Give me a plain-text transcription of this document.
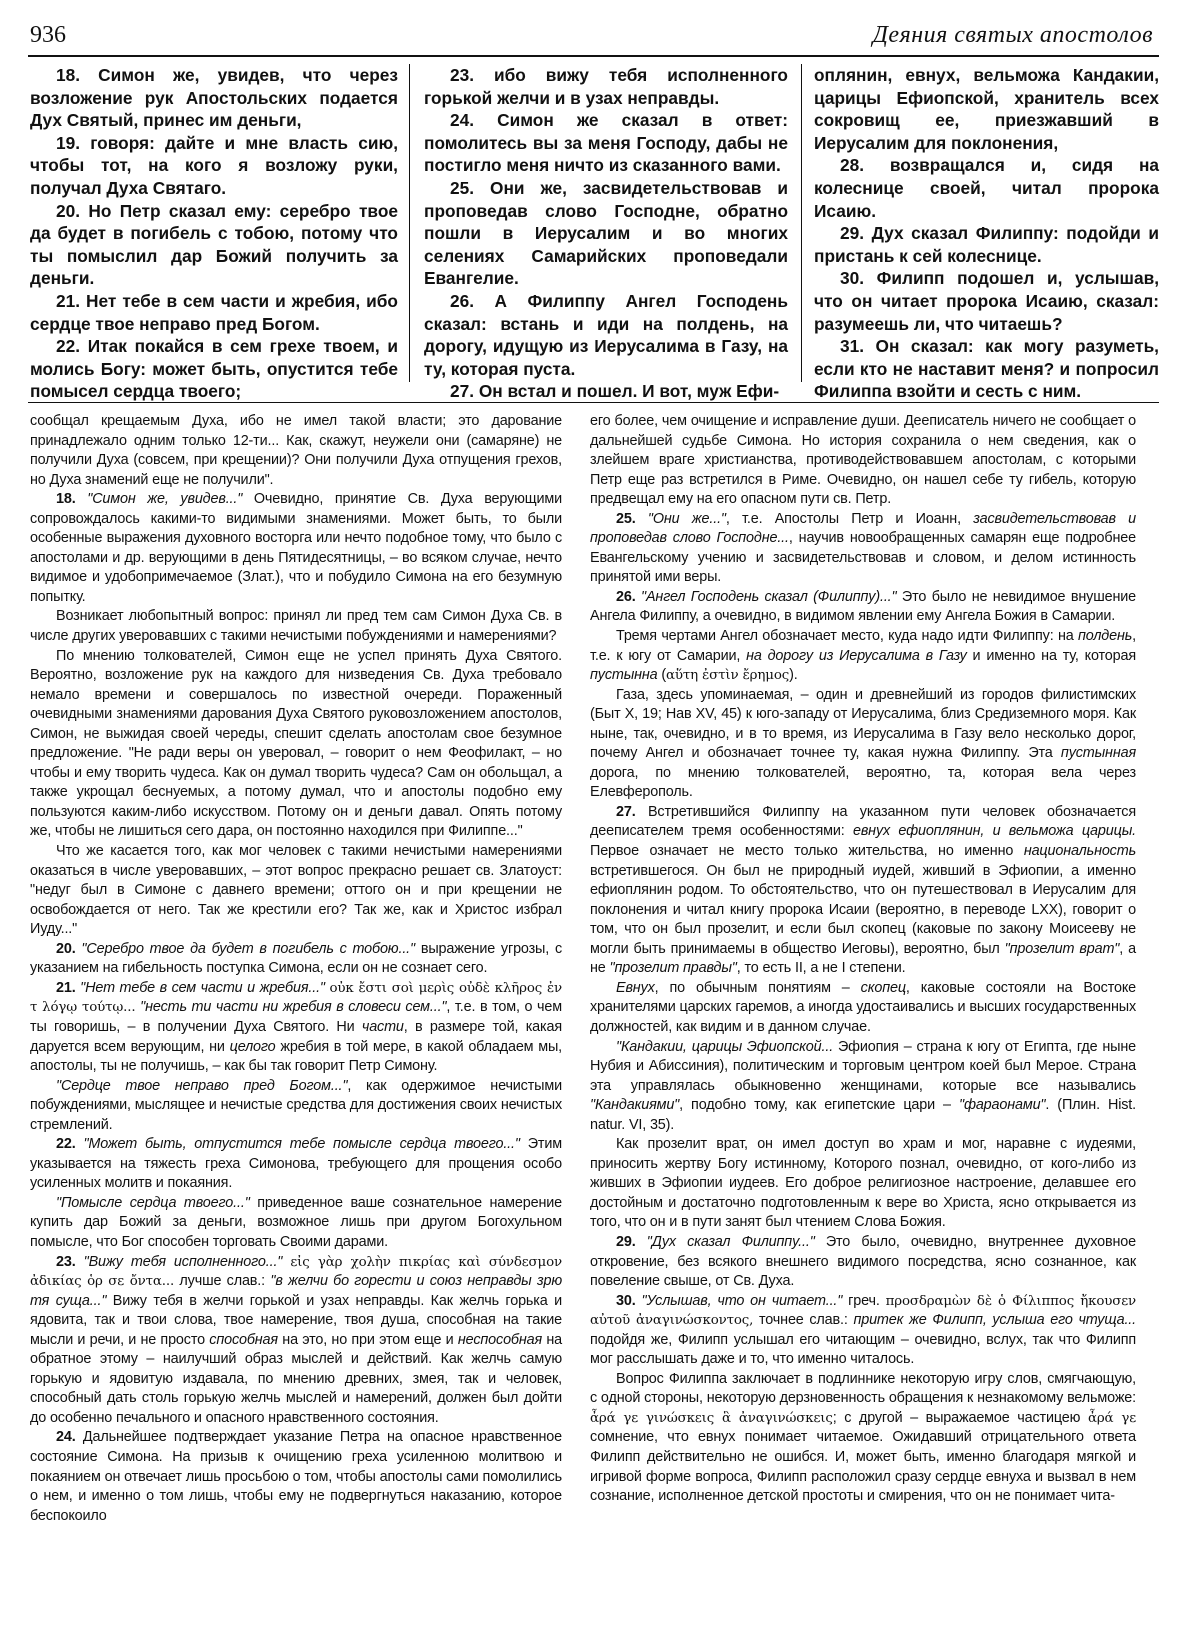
936	Деяния святых апостолов

18. Симон же, увидев, что через возложение рук Апостольских подается Дух Святый, принес им деньги,

19. говоря: дайте и мне власть сию, чтобы тот, на кого я возложу руки, получал Духа Святаго.

20. Но Петр сказал ему: серебро твое да будет в погибель с тобою, потому что ты помыслил дар Божий получить за деньги.

21. Нет тебе в сем части и жребия, ибо сердце твое неправо пред Богом.

22. Итак покайся в сем грехе твоем, и молись Богу: может быть, опустится тебе помысел сердца твоего;

23. ибо вижу тебя исполненного горькой желчи и в узах неправды.

24. Симон же сказал в ответ: помолитесь вы за меня Господу, дабы не постигло меня ничто из сказанного вами.

25. Они же, засвидетельствовав и проповедав слово Господне, обратно пошли в Иерусалим и во многих селениях Самарийских проповедали Евангелие.

26. А Филиппу Ангел Господень сказал: встань и иди на полдень, на дорогу, идущую из Иерусалима в Газу, на ту, которая пуста.

27. Он встал и пошел. И вот, муж Ефи-

оплянин, евнух, вельможа Кандакии, царицы Ефиопской, хранитель всех сокровищ ее, приезжавший в Иерусалим для поклонения,

28. возвращался и, сидя на колеснице своей, читал пророка Исаию.

29. Дух сказал Филиппу: подойди и пристань к сей колеснице.

30. Филипп подошел и, услышав, что он читает пророка Исаию, сказал: разумеешь ли, что читаешь?

31. Он сказал: как могу разуметь, если кто не наставит меня? и попросил Филиппа взойти и сесть с ним.

сообщал крещаемым Духа, ибо не имел такой власти; это дарование принадлежало одним только 12-ти... Как, скажут, неужели они (самаряне) не получили Духа (совсем, при крещении)? Они получили Духа отпущения грехов, но Духа знамений еще не получили".

18. "Симон же, увидев..." Очевидно, принятие Св. Духа верующими сопровождалось какими-то видимыми знамениями. Может быть, то были особенные выражения духовного восторга или нечто подобное тому, что было с апостолами и др. верующими в день Пятидесятницы, – во всяком случае, нечто видимое и удобопримечаемое (Злат.), что и побудило Симона на его безумную попытку.

Возникает любопытный вопрос: принял ли пред тем сам Симон Духа Св. в числе других уверовавших с такими нечистыми побуждениями и намерениями?

По мнению толкователей, Симон еще не успел принять Духа Святого. Вероятно, возложение рук на каждого для низведения Св. Духа требовало немало времени и совершалось по известной очереди. Пораженный очевидными знамениями дарования Духа Святого руковозложением апостолов, Симон, не выжидая своей череды, спешит сделать апостолам свое безумное предложение. "Не ради веры он уверовал, – говорит о нем Феофилакт, – но чтобы и ему творить чудеса. Как он думал творить чудеса? Сам он обольщал, а также укрощал беснуемых, а потому думал, что и апостолы подобно ему пользуются каким-либо искусством. Потому он и деньги давал. Опять потому же, чтобы не лишиться сего дара, он постоянно находился при Филиппе..."

Что же касается того, как мог человек с такими нечистыми намерениями оказаться в числе уверовавших, – этот вопрос прекрасно решает св. Златоуст: "недуг был в Симоне с давнего времени; оттого он и при крещении не освобождается от него. Так же крестили его? Так же, как и Христос избрал Иуду..."

20. "Серебро твое да будет в погибель с тобою..." выражение угрозы, с указанием на гибельность поступка Симона, если он не сознает сего.

21. "Нет тебе в сем части и жребия..." οὐκ ἔστι σοὶ μερὶς οὐδὲ κλῆρος ἐν τ λόγῳ τούτῳ... "несть ти части ни жребия в словеси сем...", т.е. в том, о чем ты говоришь, – в получении Духа Святого. Ни части, в размере той, какая даруется всем верующим, ни целого жребия в той мере, в какой обладаем мы, апостолы, ты не получишь, – как бы так говорит Петр Симону.

"Сердце твое неправо пред Богом...", как одержимое нечистыми побуждениями, мыслящее и нечистые средства для достижения своих нечистых стремлений.

22. "Может быть, отпустится тебе помысле сердца твоего..." Этим указывается на тяжесть греха Симонова, требующего для прощения особо усиленных молитв и покаяния.

"Помысле сердца твоего..." приведенное ваше сознательное намерение купить дар Божий за деньги, возможное лишь при другом Богохульном помысле, что Бог способен торговать Своими дарами.

23. "Вижу тебя исполненного..." εἰς γὰρ χολὴν πικρίας καὶ σύνδεσμον ἀδικίας ὁρ σε ὄντα... лучше слав.: "в желчи бо горести и союз неправды зрю тя суща..." Вижу тебя в желчи горькой и узах неправды. Как желчь горька и ядовита, так и твои слова, твое намерение, твоя душа, способная на такие мысли и речи, и не просто способная на это, но при этом еще и неспособная на обратное этому – наилучший образ мыслей и действий. Как желчь самую горькую и ядовитую издавала, по мнению древних, змея, так и человек, способный дать столь горькую желчь мыслей и намерений, должен был дойти до особенно печального и опасного нравственного состояния.

24. Дальнейшее подтверждает указание Петра на опасное нравственное состояние Симона. На призыв к очищению греха усиленною молитвою и покаянием он отвечает лишь просьбою о том, чтобы апостолы сами помолились о нем, и именно о том лишь, чтобы ему не подвергнуться наказанию, которое беспокоило

его более, чем очищение и исправление души. Дееписатель ничего не сообщает о дальнейшей судьбе Симона. Но история сохранила о нем сведения, как о злейшем враге христианства, противодействовавшем апостолам, с которыми Петр еще раз встретился в Риме. Очевидно, он нашел себе ту гибель, которую предвещал ему на его опасном пути св. Петр.

25. "Они же...", т.е. Апостолы Петр и Иоанн, засвидетельствовав и проповедав слово Господне..., научив новообращенных самарян еще подробнее Евангельскому учению и засвидетельствовав и словом, и делом истинность принятой ими веры.

26. "Ангел Господень сказал (Филиппу)..." Это было не невидимое внушение Ангела Филиппу, а очевидно, в видимом явлении ему Ангела Божия в Самарии.

Тремя чертами Ангел обозначает место, куда надо идти Филиппу: на полдень, т.е. к югу от Самарии, на дорогу из Иерусалима в Газу и именно на ту, которая пустынна (αὕτη ἐστὶν ἔρημος).

Газа, здесь упоминаемая, – один и древнейший из городов филистимских (Быт X, 19; Нав XV, 45) к юго-западу от Иерусалима, близ Средиземного моря. Как ныне, так, очевидно, и в то время, из Иерусалима в Газу вело несколько дорог, почему Ангел и обозначает точнее ту, какая нужна Филиппу. Эта пустынная дорога, по мнению толкователей, вероятно, та, которая вела через Елевферополь.

27. Встретившийся Филиппу на указанном пути человек обозначается дееписателем тремя особенностями: евнух ефиоплянин, и вельможа царицы. Первое означает не место только жительства, но именно национальность встретившегося. Он был не природный иудей, живший в Эфиопии, а именно ефиоплянин родом. То обстоятельство, что он путешествовал в Иерусалим для поклонения и читал книгу пророка Исаии (вероятно, в переводе LXX), говорит о том, что он был прозелит, и если был скопец (каковые по закону Моисееву не могли быть принимаемы в общество Иеговы), вероятно, был "прозелит врат", а не "прозелит правды", то есть II, а не I степени.

Евнух, по обычным понятиям – скопец, каковые состояли на Востоке хранителями царских гаремов, а иногда удостаивались и высших государственных должностей, как видим и в данном случае.

"Кандакии, царицы Эфиопской... Эфиопия – страна к югу от Египта, где ныне Нубия и Абиссиния), политическим и торговым центром коей был Мерое. Страна эта управлялась обыкновенно женщинами, которые все назывались "Кандакиями", подобно тому, как египетские цари – "фараонами". (Плин. Hist. natur. VI, 35).

Как прозелит врат, он имел доступ во храм и мог, наравне с иудеями, приносить жертву Богу истинному, Которого познал, очевидно, от кого-либо из живших в Эфиопии иудеев. Его доброе религиозное настроение, делавшее его достойным и достаточно подготовленным к вере во Христа, ясно открывается из того, что он и в пути занят был чтением Слова Божия.

29. "Дух сказал Филиппу..." Это было, очевидно, внутреннее духовное откровение, без всякого внешнего видимого посредства, ясно сознанное, как повеление свыше, от Св. Духа.

30. "Услышав, что он читает..." греч. προσδραμὼν δὲ ὁ Φίλιππος ἤκουσεν αὐτοῦ ἀναγινώσκοντος, точнее слав.: притек же Филипп, услыша его чтуща... подойдя же, Филипп услышал его читающим – очевидно, вслух, так что Филипп мог расслышать даже и то, что именно читалось.

Вопрос Филиппа заключает в подлиннике некоторую игру слов, смягчающую, с одной стороны, некоторую дерзновенность обращения к незнакомому вельможе: ἆρά γε γινώσκεις ἃ ἀναγινώσκεις; с другой – выражаемое частицею ἆρά γε сомнение, что евнух понимает читаемое. Ожидавший отрицательного ответа Филипп действительно не ошибся. И, может быть, именно благодаря мягкой и игривой форме вопроса, Филипп расположил сразу сердце евнуха и вызвал в нем сознание, исполненное детской простоты и смирения, что он не понимает чита-
